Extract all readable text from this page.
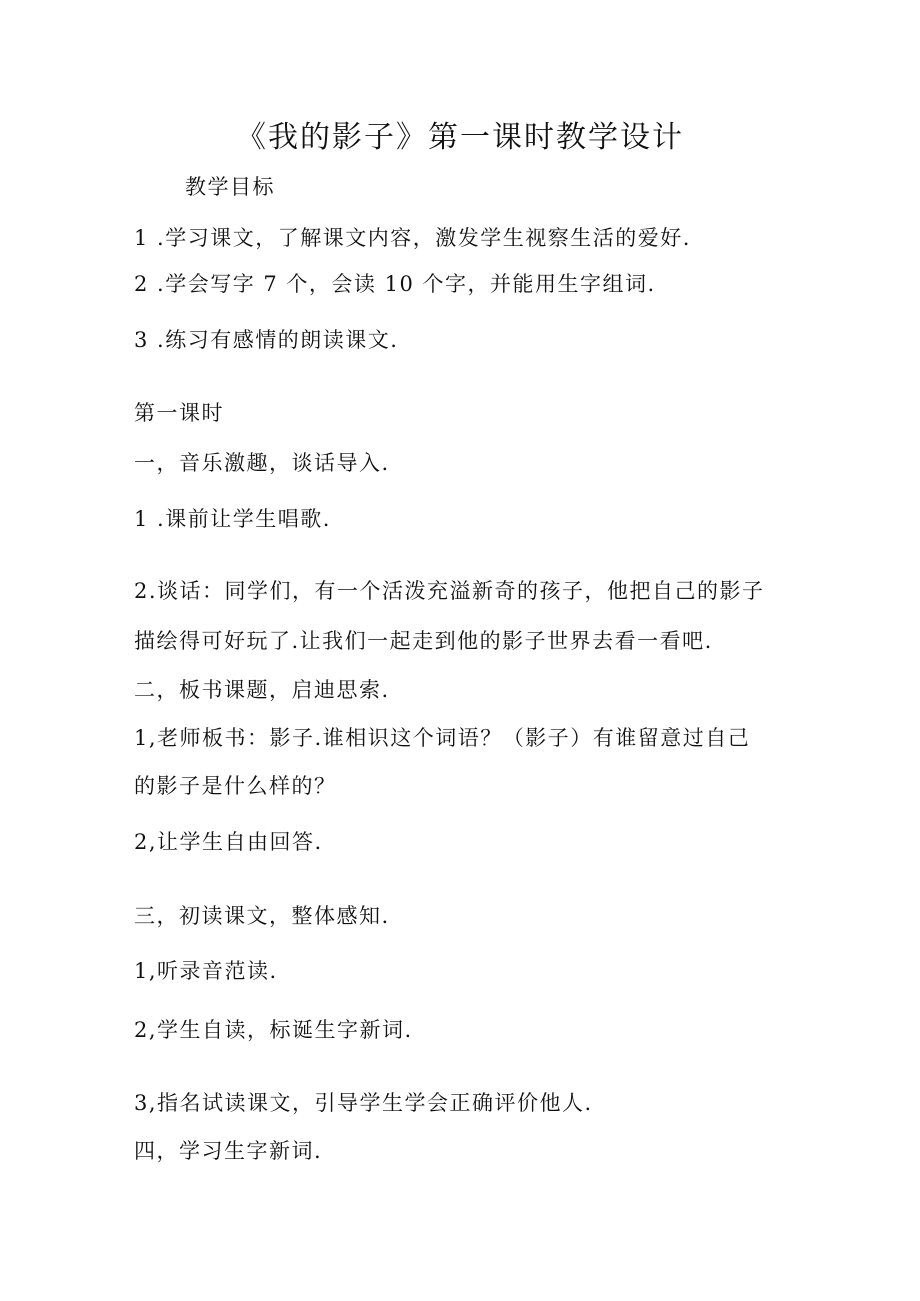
《我的影子》第一课时教学设计
教学目标
1 .学习课文，了解课文内容，激发学生视察生活的爱好.
2 .学会写字 7 个，会读 10 个字，并能用生字组词.
3 .练习有感情的朗读课文.
第一课时
一，音乐激趣，谈话导入.
1 .课前让学生唱歌.
2.谈话：同学们，有一个活泼充溢新奇的孩子，他把自己的影子
描绘得可好玩了.让我们一起走到他的影子世界去看一看吧.
二，板书课题，启迪思索.
1,老师板书：影子.谁相识这个词语？（影子）有谁留意过自己
的影子是什么样的？
2,让学生自由回答.
三，初读课文，整体感知.
1,听录音范读.
2,学生自读，标诞生字新词.
3,指名试读课文，引导学生学会正确评价他人.
四，学习生字新词.
